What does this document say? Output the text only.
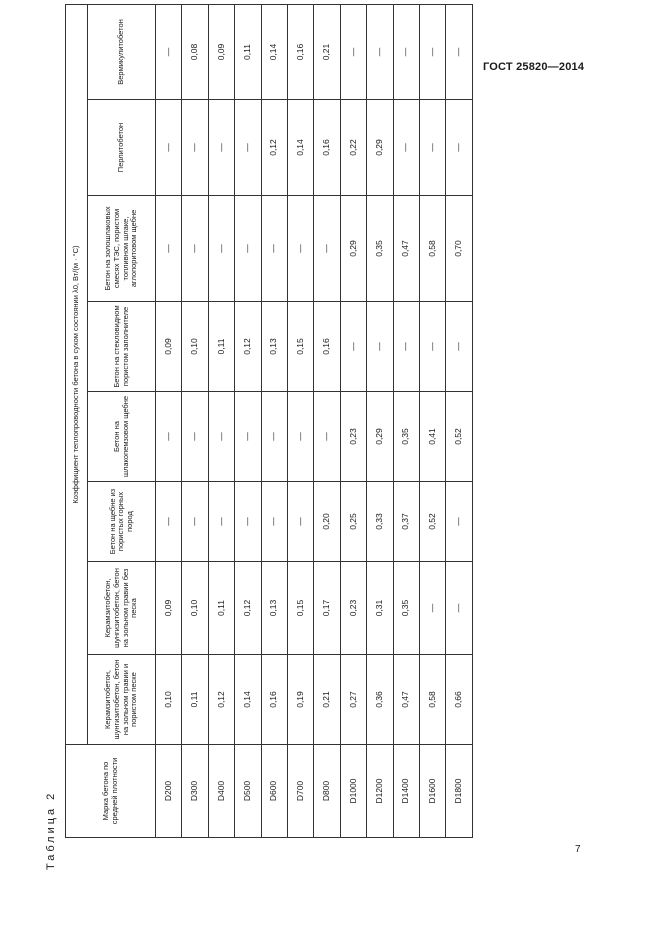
ГОСТ 25820—2014
Таблица 2	Марка бетона по средней плотности	Коэффициент теплопроводности бетона в сухом состоянии λ0, Вт/(м · °С)							
	Керамзитобетон, шунгизитобетон, бетон на зольном гравии и пористом песке	Керамзитобетон, шунгизитобетон, бетон на зольном гравии без песка	Бетон на щебне из пористых горных пород	Бетон на шлакопемзовом щебне	Бетон на стекловидном пористом заполнителе	Бетон на золошлаковых смесях ТЭС, пористом топливном шлаке, аглопоритовом щебне	Перлитобетон	Вермикулитобетон
D200	0,10	0,09	—	—	0,09	—	—	—
D300	0,11	0,10	—	—	0,10	—	—	0,08
D400	0,12	0,11	—	—	0,11	—	—	0,09
D500	0,14	0,12	—	—	0,12	—	—	0,11
D600	0,16	0,13	—	—	0,13	—	0,12	0,14
D700	0,19	0,15	—	—	0,15	—	0,14	0,16
D800	0,21	0,17	0,20	—	0,16	—	0,16	0,21
D1000	0,27	0,23	0,25	0,23	—	0,29	0,22	—
D1200	0,36	0,31	0,33	0,29	—	0,35	0,29	—
D1400	0,47	0,35	0,37	0,35	—	0,47	—	—
D1600	0,58	—	0,52	0,41	—	0,58	—	—
D1800	0,66	—	—	0,52	—	0,70	—	—
7
